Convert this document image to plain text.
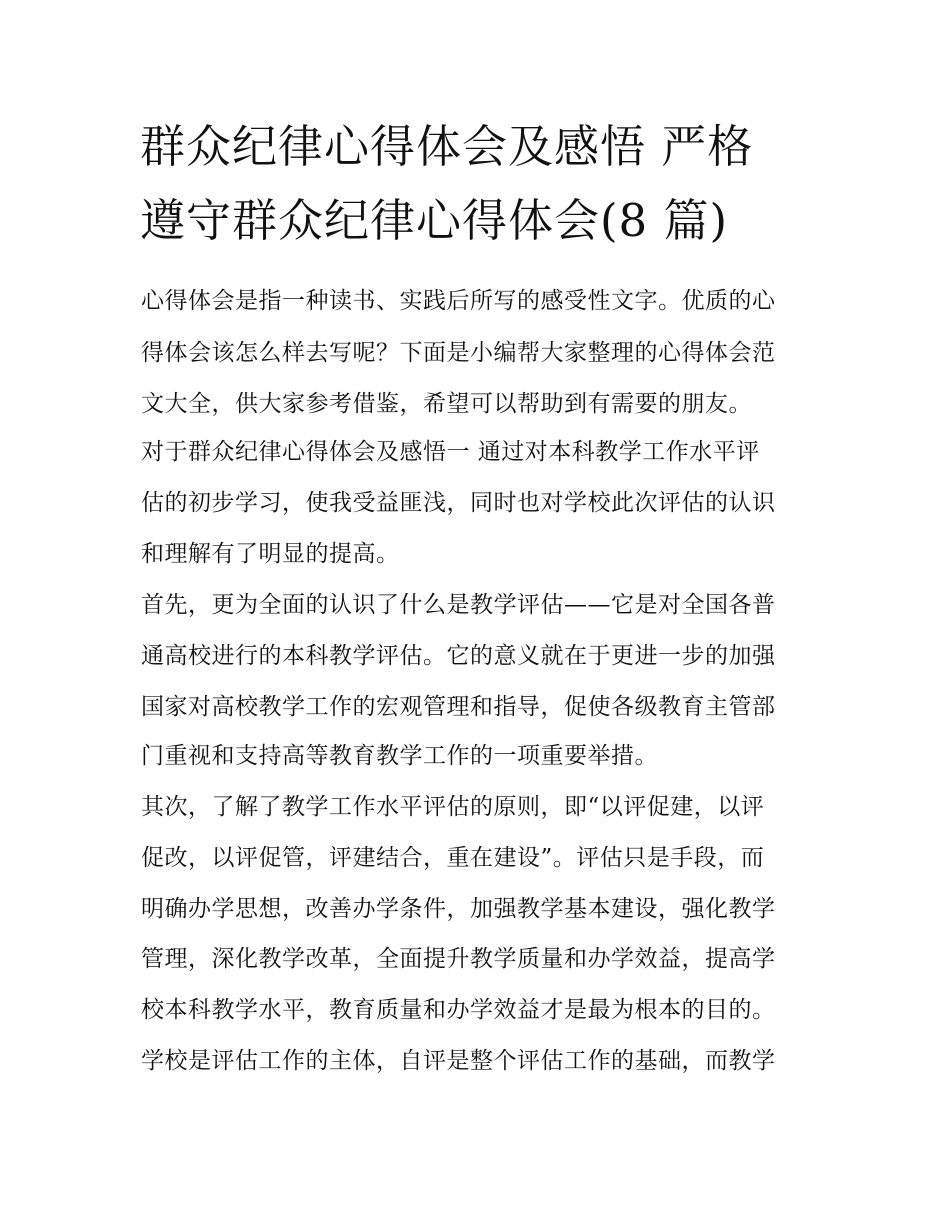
群众纪律心得体会及感悟 严格
遵守群众纪律心得体会(8 篇)
心得体会是指一种读书、实践后所写的感受性文字。优质的心
得体会该怎么样去写呢？下面是小编帮大家整理的心得体会范
文大全，供大家参考借鉴，希望可以帮助到有需要的朋友。
对于群众纪律心得体会及感悟一 通过对本科教学工作水平评
估的初步学习，使我受益匪浅，同时也对学校此次评估的认识
和理解有了明显的提高。
首先，更为全面的认识了什么是教学评估——它是对全国各普
通高校进行的本科教学评估。它的意义就在于更进一步的加强
国家对高校教学工作的宏观管理和指导，促使各级教育主管部
门重视和支持高等教育教学工作的一项重要举措。
其次，了解了教学工作水平评估的原则，即“以评促建，以评
促改，以评促管，评建结合，重在建设”。评估只是手段，而
明确办学思想，改善办学条件，加强教学基本建设，强化教学
管理，深化教学改革，全面提升教学质量和办学效益，提高学
校本科教学水平，教育质量和办学效益才是最为根本的目的。
学校是评估工作的主体，自评是整个评估工作的基础，而教学
